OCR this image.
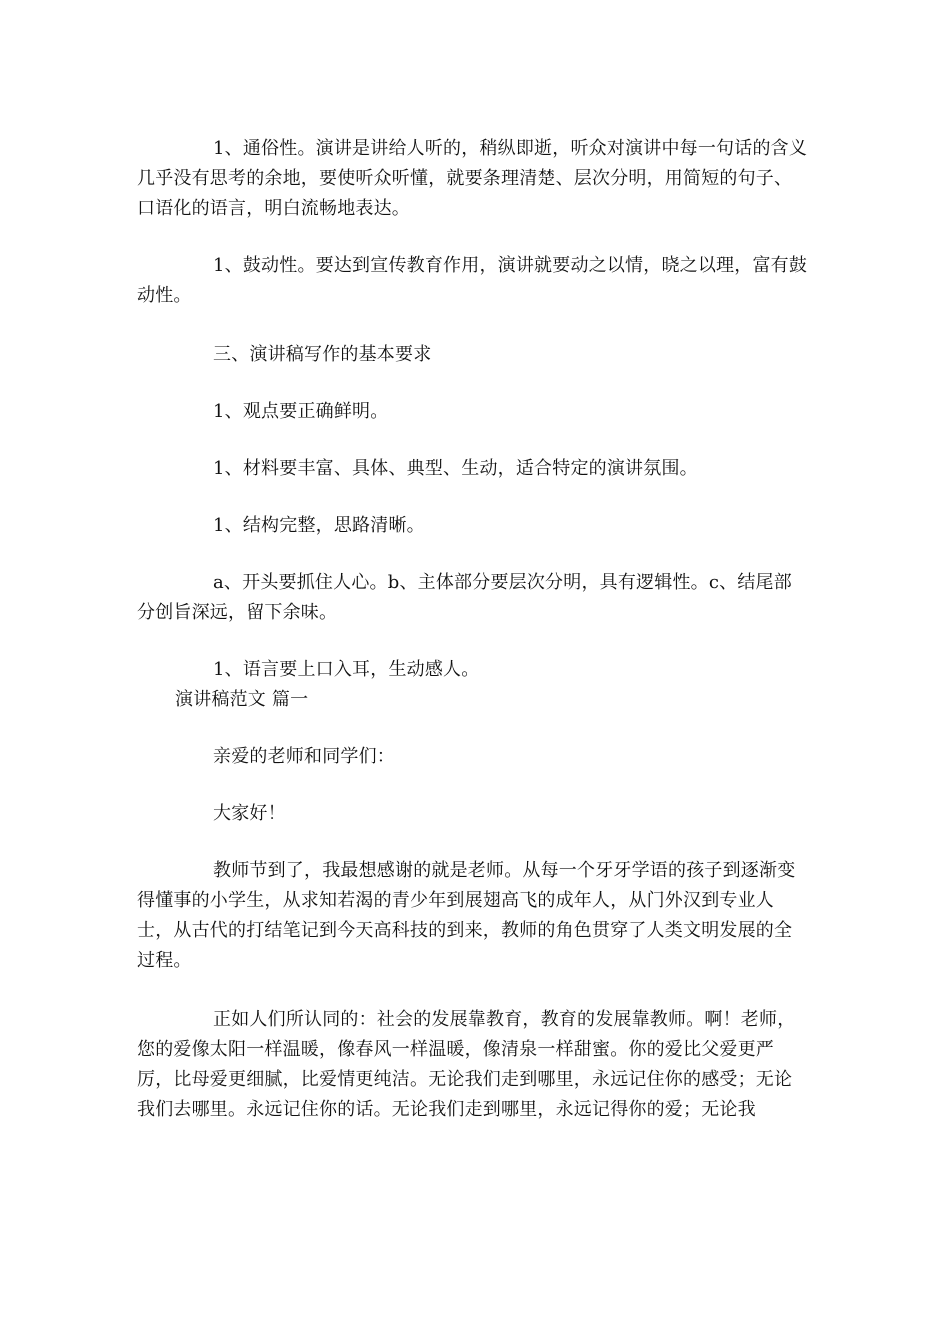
1、通俗性。演讲是讲给人听的，稍纵即逝，听众对演讲中每一句话的含义几乎没有思考的余地，要使听众听懂，就要条理清楚、层次分明，用简短的句子、口语化的语言，明白流畅地表达。

1、鼓动性。要达到宣传教育作用，演讲就要动之以情，晓之以理，富有鼓动性。

三、演讲稿写作的基本要求

1、观点要正确鲜明。

1、材料要丰富、具体、典型、生动，适合特定的演讲氛围。

1、结构完整，思路清晰。

a、开头要抓住人心。b、主体部分要层次分明，具有逻辑性。c、结尾部分创旨深远，留下余味。

1、语言要上口入耳，生动感人。

演讲稿范文 篇一

亲爱的老师和同学们：

大家好！

教师节到了，我最想感谢的就是老师。从每一个牙牙学语的孩子到逐渐变得懂事的小学生，从求知若渴的青少年到展翅高飞的成年人，从门外汉到专业人士，从古代的打结笔记到今天高科技的到来，教师的角色贯穿了人类文明发展的全过程。

正如人们所认同的：社会的发展靠教育，教育的发展靠教师。啊！老师，您的爱像太阳一样温暖，像春风一样温暖，像清泉一样甜蜜。你的爱比父爱更严厉，比母爱更细腻，比爱情更纯洁。无论我们走到哪里，永远记住你的感受；无论我们去哪里。永远记住你的话。无论我们走到哪里，永远记得你的爱；无论我
